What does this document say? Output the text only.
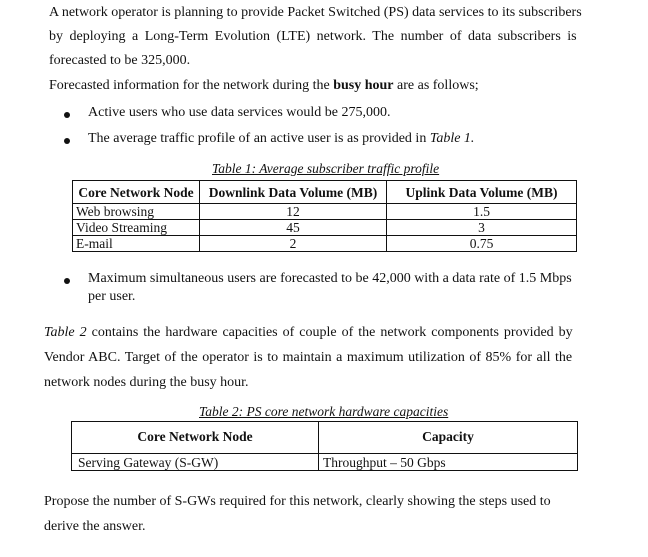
A network operator is planning to provide Packet Switched (PS) data services to its subscribers
by deploying a Long-Term Evolution (LTE) network. The number of data subscribers is
forecasted to be 325,000.
Forecasted information for the network during the busy hour are as follows;
Active users who use data services would be 275,000.
The average traffic profile of an active user is as provided in Table 1.
Table 1: Average subscriber traffic profile
Core Network Node	Downlink Data Volume (MB)	Uplink Data Volume (MB)
Web browsing	12	1.5
Video Streaming	45	3
E-mail	2	0.75
Maximum simultaneous users are forecasted to be 42,000 with a data rate of 1.5 Mbps
per user.
Table 2 contains the hardware capacities of couple of the network components provided by
Vendor ABC. Target of the operator is to maintain a maximum utilization of 85% for all the
network nodes during the busy hour.
Table 2: PS core network hardware capacities
Core Network Node	Capacity
Serving Gateway (S-GW)	Throughput – 50 Gbps
Propose the number of S-GWs required for this network, clearly showing the steps used to
derive the answer.
